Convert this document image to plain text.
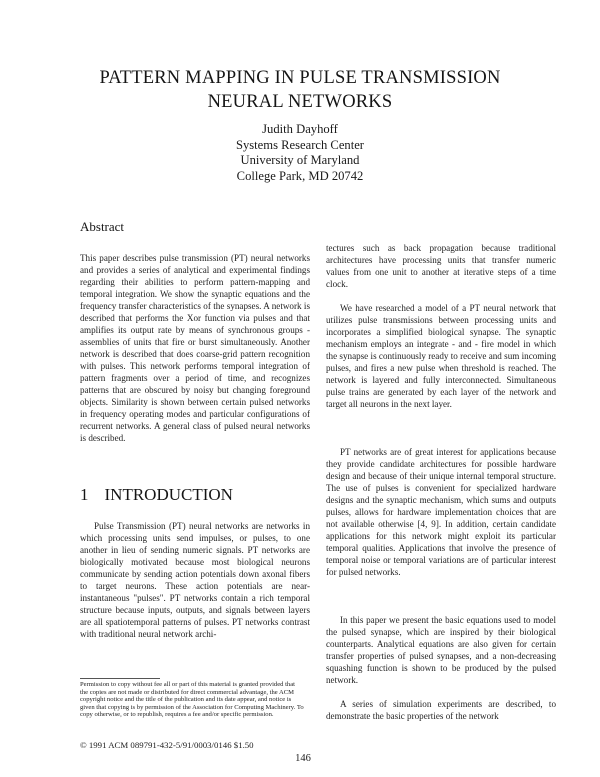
PATTERN MAPPING IN PULSE TRANSMISSION
NEURAL NETWORKS
Judith Dayhoff
Systems Research Center
University of Maryland
College Park, MD 20742
Abstract

This paper describes pulse transmission (PT) neural networks and provides a series of analytical and experimental findings regarding their abilities to perform pattern-mapping and temporal integration. We show the synaptic equations and the frequency transfer characteristics of the synapses. A network is described that performs the Xor function via pulses and that amplifies its output rate by means of synchronous groups - assemblies of units that fire or burst simultaneously. Another network is described that does coarse-grid pattern recognition with pulses. This network performs temporal integration of pattern fragments over a period of time, and recognizes patterns that are obscured by noisy but changing foreground objects. Similarity is shown between certain pulsed networks in frequency operating modes and particular configurations of recurrent networks. A general class of pulsed neural networks is described.

1 INTRODUCTION

Pulse Transmission (PT) neural networks are networks in which processing units send impulses, or pulses, to one another in lieu of sending numeric signals. PT networks are biologically motivated because most biological neurons communicate by sending action potentials down axonal fibers to target neurons. These action potentials are near-instantaneous "pulses". PT networks contain a rich temporal structure because inputs, outputs, and signals between layers are all spatiotemporal patterns of pulses. PT networks contrast with traditional neural network archi-

Permission to copy without fee all or part of this material is granted provided that the copies are not made or distributed for direct commercial advantage, the ACM copyright notice and the title of the publication and its date appear, and notice is given that copying is by permission of the Association for Computing Machinery. To copy otherwise, or to republish, requires a fee and/or specific permission.

© 1991 ACM 089791-432-5/91/0003/0146 $1.50

tectures such as back propagation because traditional architectures have processing units that transfer numeric values from one unit to another at iterative steps of a time clock.

We have researched a model of a PT neural network that utilizes pulse transmissions between processing units and incorporates a simplified biological synapse. The synaptic mechanism employs an integrate - and - fire model in which the synapse is continuously ready to receive and sum incoming pulses, and fires a new pulse when threshold is reached. The network is layered and fully interconnected. Simultaneous pulse trains are generated by each layer of the network and target all neurons in the next layer.

PT networks are of great interest for applications because they provide candidate architectures for possible hardware design and because of their unique internal temporal structure. The use of pulses is convenient for specialized hardware designs and the synaptic mechanism, which sums and outputs pulses, allows for hardware implementation choices that are not available otherwise [4, 9]. In addition, certain candidate applications for this network might exploit its particular temporal qualities. Applications that involve the presence of temporal noise or temporal variations are of particular interest for pulsed networks.

In this paper we present the basic equations used to model the pulsed synapse, which are inspired by their biological counterparts. Analytical equations are also given for certain transfer properties of pulsed synapses, and a non-decreasing squashing function is shown to be produced by the pulsed network.

A series of simulation experiments are described, to demonstrate the basic properties of the network

146
